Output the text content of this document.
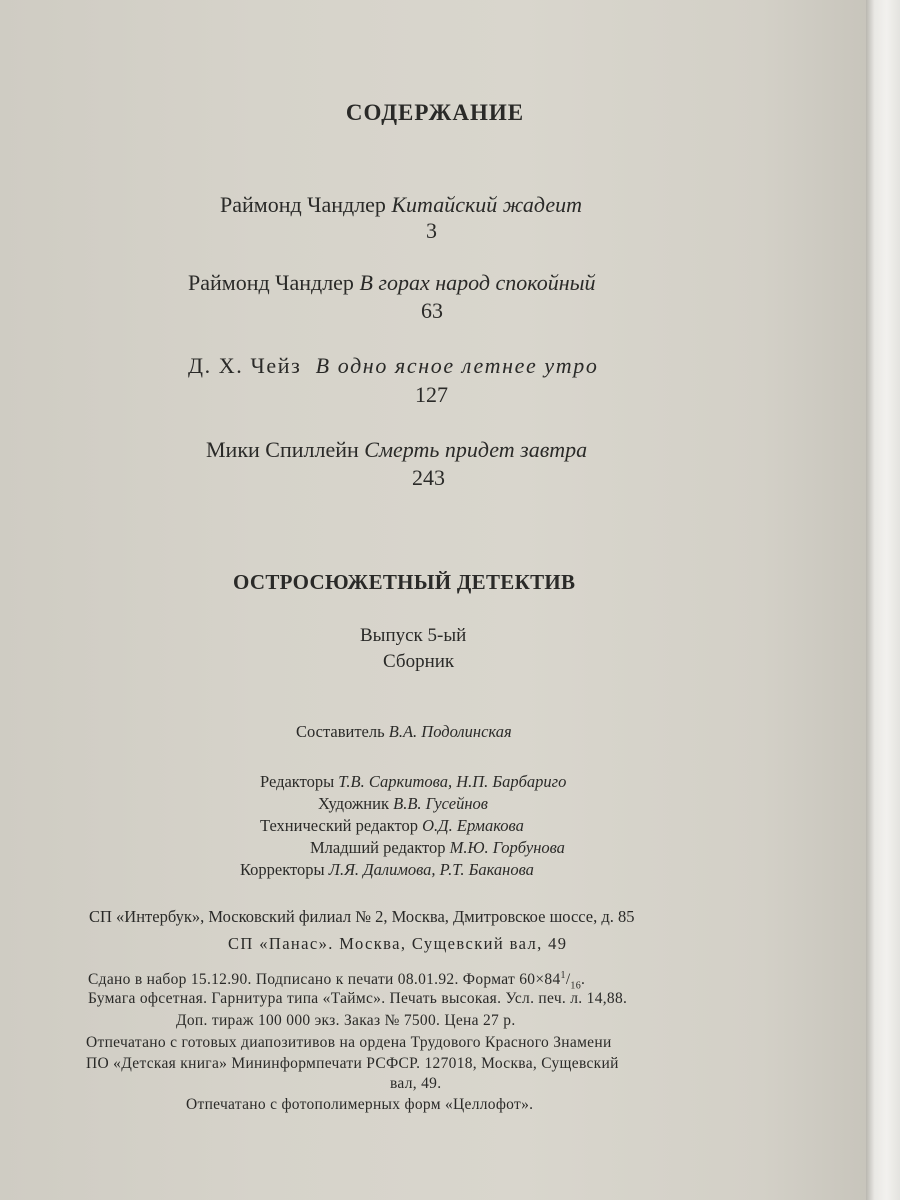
СОДЕРЖАНИЕ
Раймонд Чандлер Китайский жадеит
3
Раймонд Чандлер В горах народ спокойный
63
Д. Х. Чейз В одно ясное летнее утро
127
Мики Спиллейн Смерть придет завтра
243
ОСТРОСЮЖЕТНЫЙ ДЕТЕКТИВ
Выпуск 5-ый
Сборник
Составитель В.А. Подолинская
Редакторы Т.В. Саркитова, Н.П. Барбариго
Художник В.В. Гусейнов
Технический редактор О.Д. Ермакова
Младший редактор М.Ю. Горбунова
Корректоры Л.Я. Далимова, Р.Т. Баканова
СП «Интербук», Московский филиал № 2, Москва, Дмитровское шоссе, д. 85
СП «Панас». Москва, Сущевский вал, 49
Сдано в набор 15.12.90. Подписано к печати 08.01.92. Формат $60\times 84^1/_{16}$.
Бумага офсетная. Гарнитура типа «Таймс». Печать высокая. Усл. печ. л. 14,88.
Доп. тираж 100 000 экз. Заказ № 7500. Цена 27 р.
Отпечатано с готовых диапозитивов на ордена Трудового Красного Знамени
ПО «Детская книга» Мининформпечати РСФСР. 127018, Москва, Сущевский
вал, 49.
Отпечатано с фотополимерных форм «Целлофот».
